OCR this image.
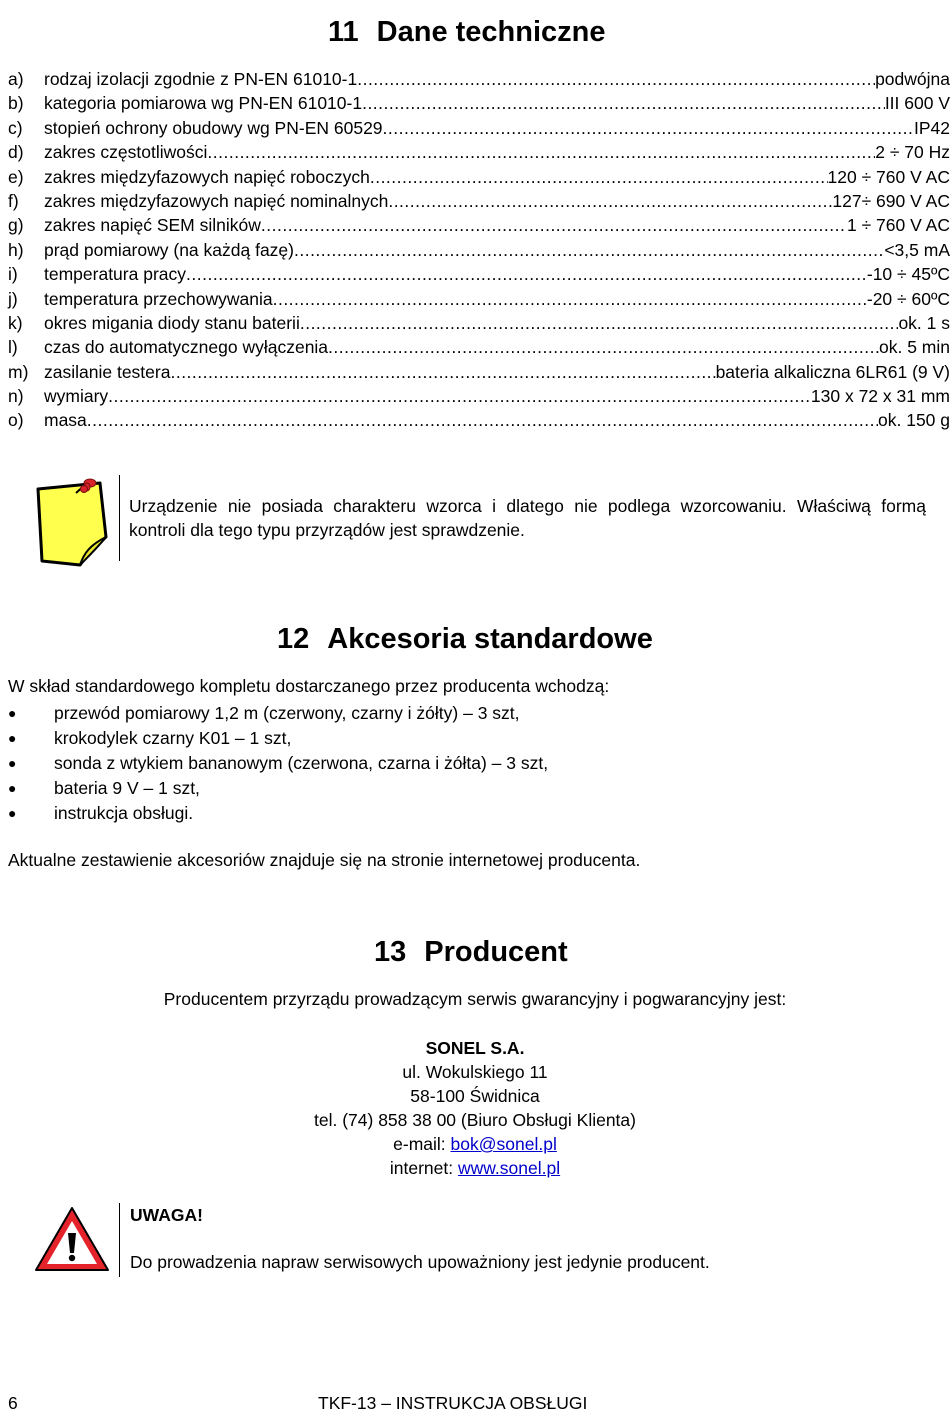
11 Dane techniczne
a)	rodzaj izolacji zgodnie z PN-EN 61010-1 .....	podwójna
b)	kategoria pomiarowa wg PN-EN 61010-1 .....	III 600 V
c)	stopień ochrony obudowy wg PN-EN 60529 .....	IP42
d)	zakres częstotliwości .....	2 ÷ 70 Hz
e)	zakres międzyfazowych napięć roboczych .....	120 ÷ 760 V AC
f)	zakres międzyfazowych napięć nominalnych .....	127÷ 690 V AC
g)	zakres napięć SEM silników .....	1 ÷ 760 V AC
h)	prąd pomiarowy (na każdą fazę) .....	<3,5 mA
i)	temperatura pracy .....	-10 ÷ 45ºC
j)	temperatura przechowywania .....	-20 ÷ 60ºC
k)	okres migania diody stanu baterii .....	ok. 1 s
l)	czas do automatycznego wyłączenia .....	ok. 5 min
m) zasilanie testera .....	bateria alkaliczna 6LR61 (9 V)
n)	wymiary .....	130 x 72 x 31 mm
o)	masa .....	ok. 150 g
Urządzenie nie posiada charakteru wzorca i dlatego nie podlega wzorcowaniu. Właściwą formą kontroli dla tego typu przyrządów jest sprawdzenie.
12 Akcesoria standardowe
W skład standardowego kompletu dostarczanego przez producenta wchodzą:
●	przewód pomiarowy 1,2 m (czerwony, czarny i żółty) – 3 szt,
●	krokodylek czarny K01 – 1 szt,
●	sonda z wtykiem bananowym (czerwona, czarna i żółta) – 3 szt,
●	bateria 9 V – 1 szt,
●	instrukcja obsługi.
Aktualne zestawienie akcesoriów znajduje się na stronie internetowej producenta.
13 Producent
Producentem przyrządu prowadzącym serwis gwarancyjny i pogwarancyjny jest:
SONEL S.A.
ul. Wokulskiego 11
58-100 Świdnica
tel. (74) 858 38 00 (Biuro Obsługi Klienta)
e-mail: bok@sonel.pl
internet: www.sonel.pl
UWAGA!
Do prowadzenia napraw serwisowych upoważniony jest jedynie producent.
6	TKF-13 – INSTRUKCJA OBSŁUGI
